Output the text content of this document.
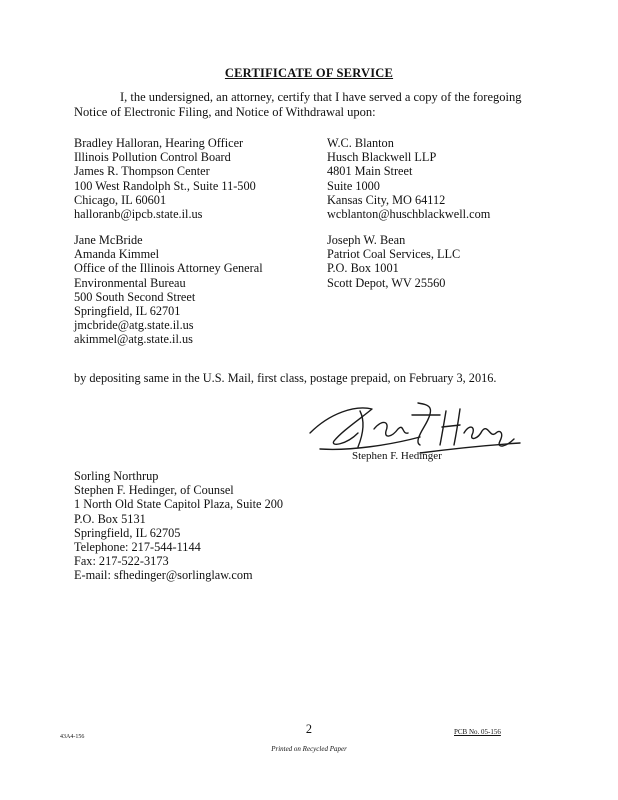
CERTIFICATE OF SERVICE
I, the undersigned, an attorney, certify that I have served a copy of the foregoing Notice of Electronic Filing, and Notice of Withdrawal upon:
Bradley Halloran, Hearing Officer
Illinois Pollution Control Board
James R. Thompson Center
100 West Randolph St., Suite 11-500
Chicago, IL 60601
halloranb@ipcb.state.il.us
W.C. Blanton
Husch Blackwell LLP
4801 Main Street
Suite 1000
Kansas City, MO 64112
wcblanton@huschblackwell.com
Jane McBride
Amanda Kimmel
Office of the Illinois Attorney General
Environmental Bureau
500 South Second Street
Springfield, IL 62701
jmcbride@atg.state.il.us
akimmel@atg.state.il.us
Joseph W. Bean
Patriot Coal Services, LLC
P.O. Box 1001
Scott Depot, WV 25560
by depositing same in the U.S. Mail, first class, postage prepaid, on February 3, 2016.
Stephen F. Hedinger
Sorling Northrup
Stephen F. Hedinger, of Counsel
1 North Old State Capitol Plaza, Suite 200
P.O. Box 5131
Springfield, IL 62705
Telephone: 217-544-1144
Fax: 217-522-3173
E-mail: sfhedinger@sorlinglaw.com
2
43A4-156
PCB No. 05-156
Printed on Recycled Paper
